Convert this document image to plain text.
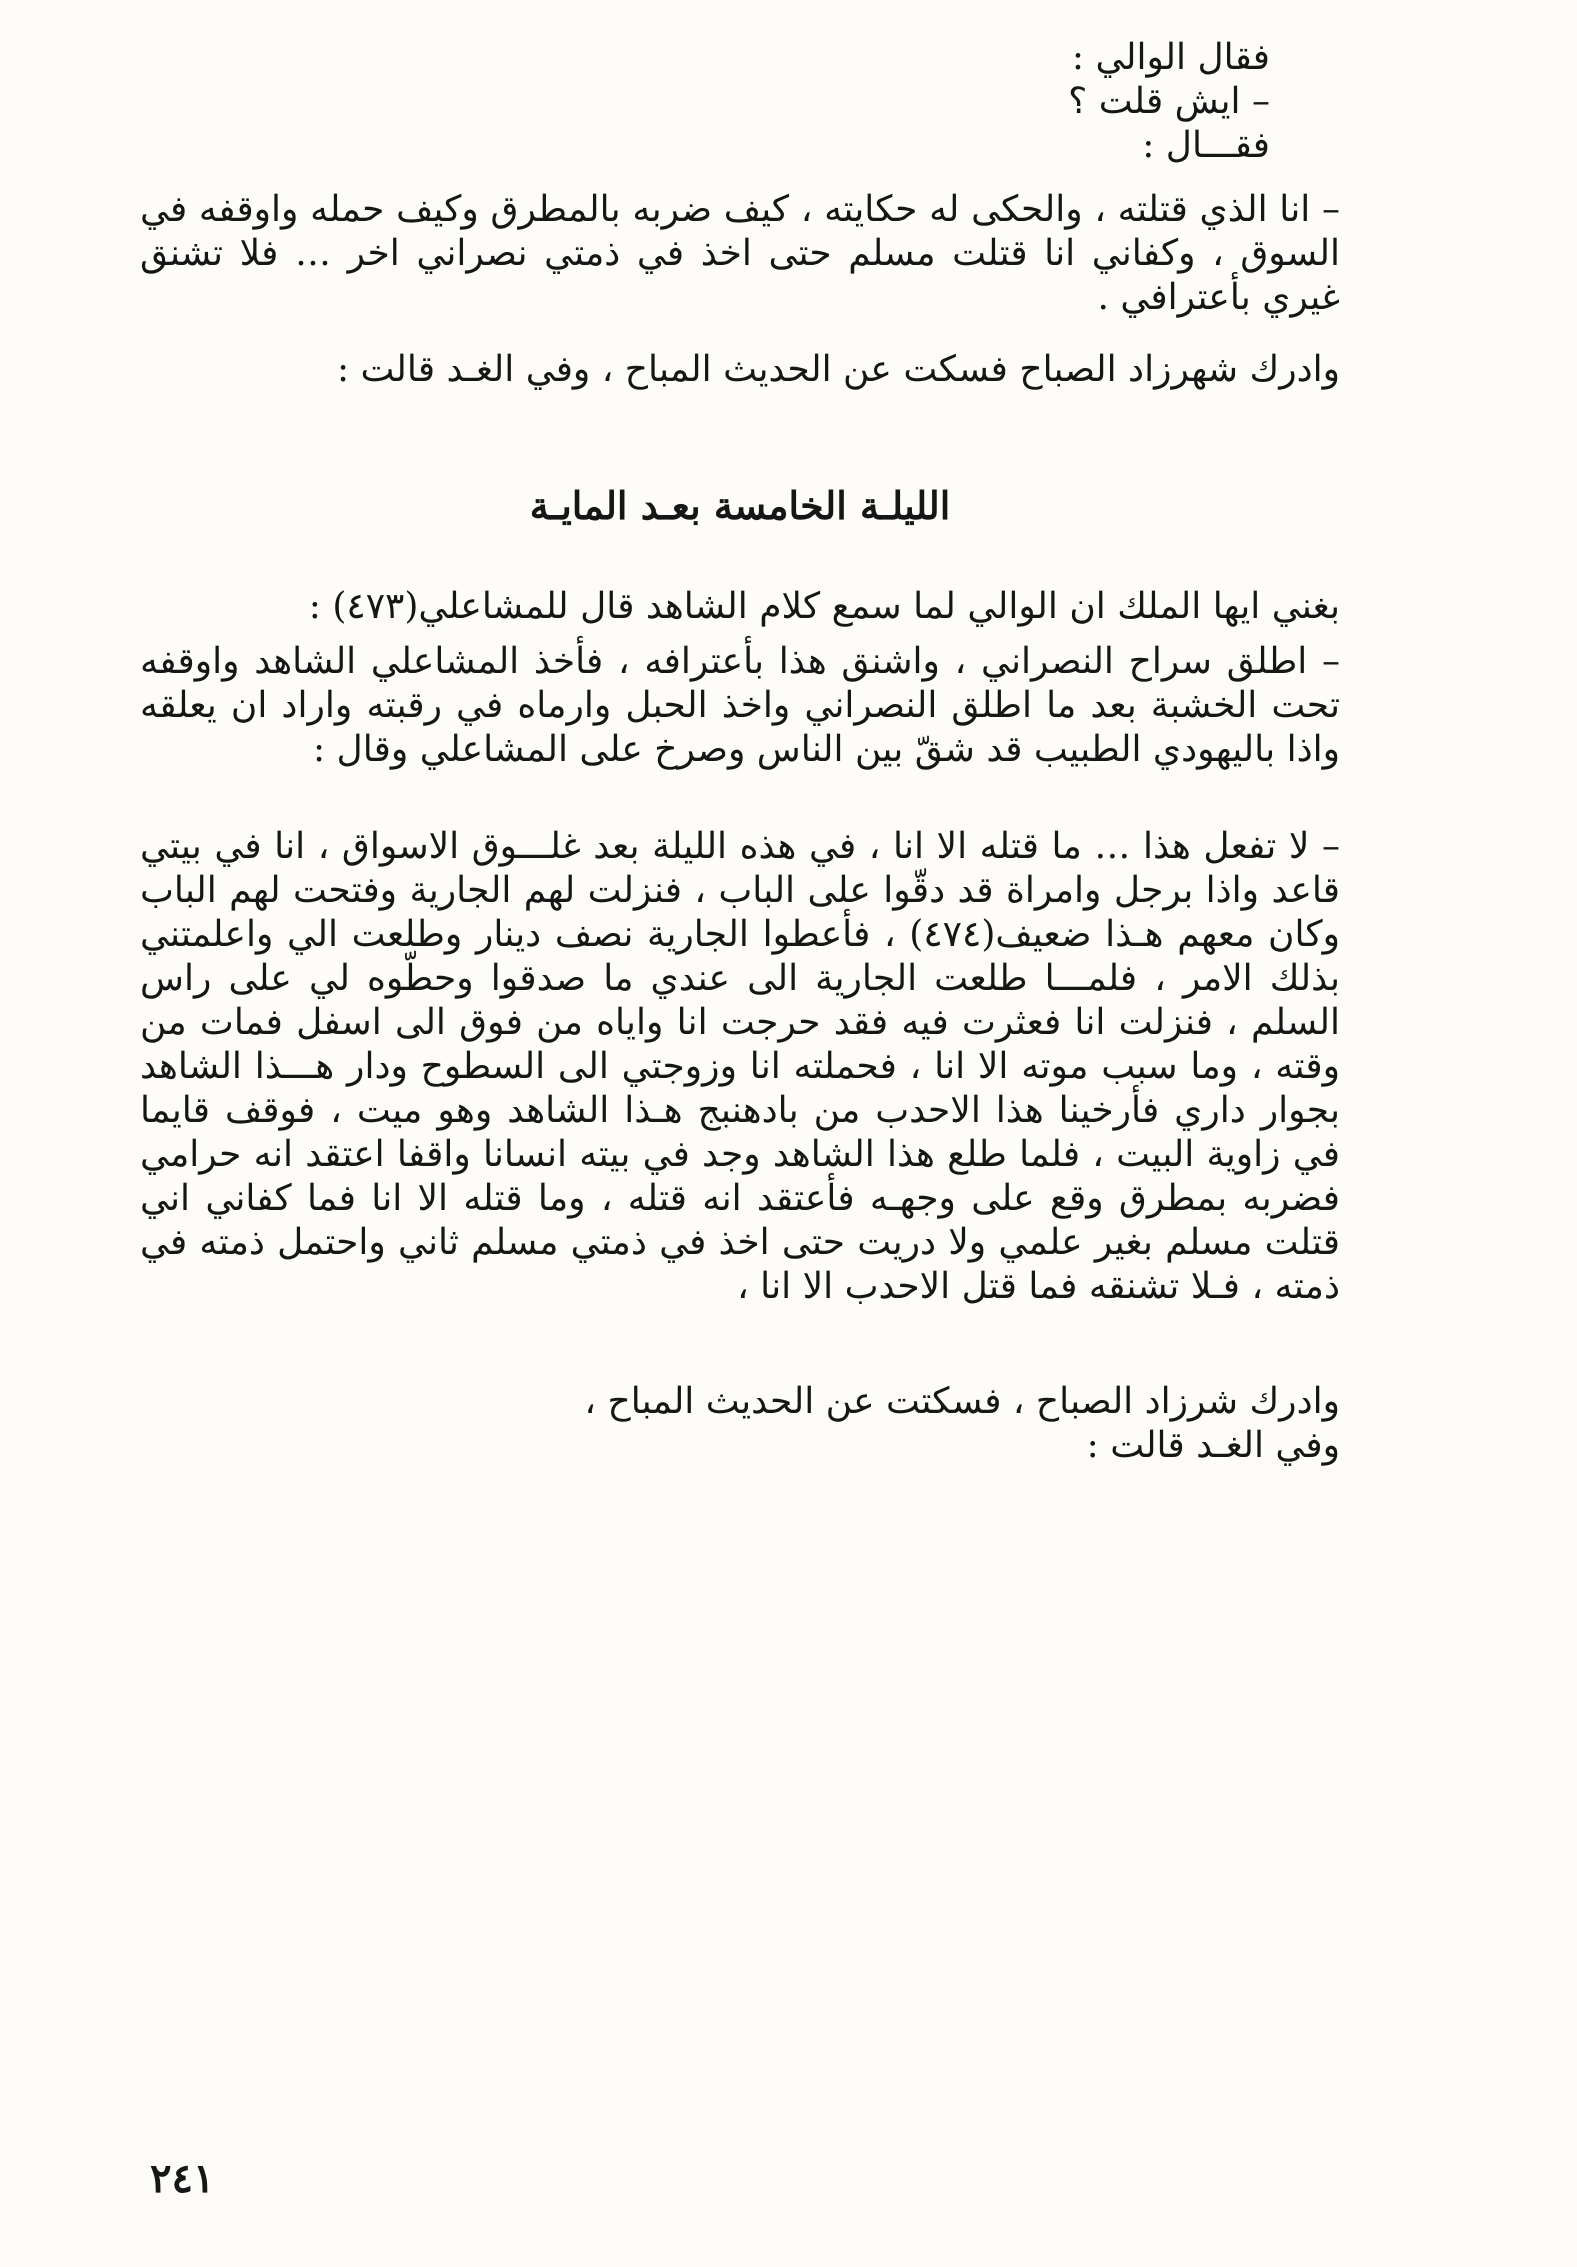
فقال الوالي :
– ايش قلت ؟
فقـــال :
– انا الذي قتلته ، والحكى له حكايته ، كيف ضربه بالمطرق وكيف حمله واوقفه في السوق ، وكفاني انا قتلت مسلم حتى اخذ في ذمتي نصراني اخر … فلا تشنق غيري بأعترافي .
وادرك شهرزاد الصباح فسكت عن الحديث المباح ، وفي الغـد قالت :
الليلـة الخامسة بعـد المايـة
بغني ايها الملك ان الوالي لما سمع كلام الشاهد قال للمشاعلي(٤٧٣) :
– اطلق سراح النصراني ، واشنق هذا بأعترافه ، فأخذ المشاعلي الشاهد واوقفه تحت الخشبة بعد ما اطلق النصراني واخذ الحبل وارماه في رقبته واراد ان يعلقه واذا باليهودي الطبيب قد شقّ بين الناس وصرخ على المشاعلي وقال :
– لا تفعل هذا … ما قتله الا انا ، في هذه الليلة بعد غلـــوق الاسواق ، انا في بيتي قاعد واذا برجل وامراة قد دقّوا على الباب ، فنزلت لهم الجارية وفتحت لهم الباب وكان معهم هـذا ضعيف(٤٧٤) ، فأعطوا الجارية نصف دينار وطلعت الي واعلمتني بذلك الامر ، فلمـــا طلعت الجارية الى عندي ما صدقوا وحطّوه لي على راس السلم ، فنزلت انا فعثرت فيه فقد حرجت انا واياه من فوق الى اسفل فمات من وقته ، وما سبب موته الا انا ، فحملته انا وزوجتي الى السطوح ودار هـــذا الشاهد بجوار داري فأرخينا هذا الاحدب من بادهنبج هـذا الشاهد وهو ميت ، فوقف قايما في زاوية البيت ، فلما طلع هذا الشاهد وجد في بيته انسانا واقفا اعتقد انه حرامي فضربه بمطرق وقع على وجهـه فأعتقد انه قتله ، وما قتله الا انا فما كفاني اني قتلت مسلم بغير علمي ولا دريت حتى اخذ في ذمتي مسلم ثاني واحتمل ذمته في ذمته ، فـلا تشنقه فما قتل الاحدب الا انا ،
وادرك شرزاد الصباح ، فسكتت عن الحديث المباح ،
وفي الغـد قالت :
٢٤١
